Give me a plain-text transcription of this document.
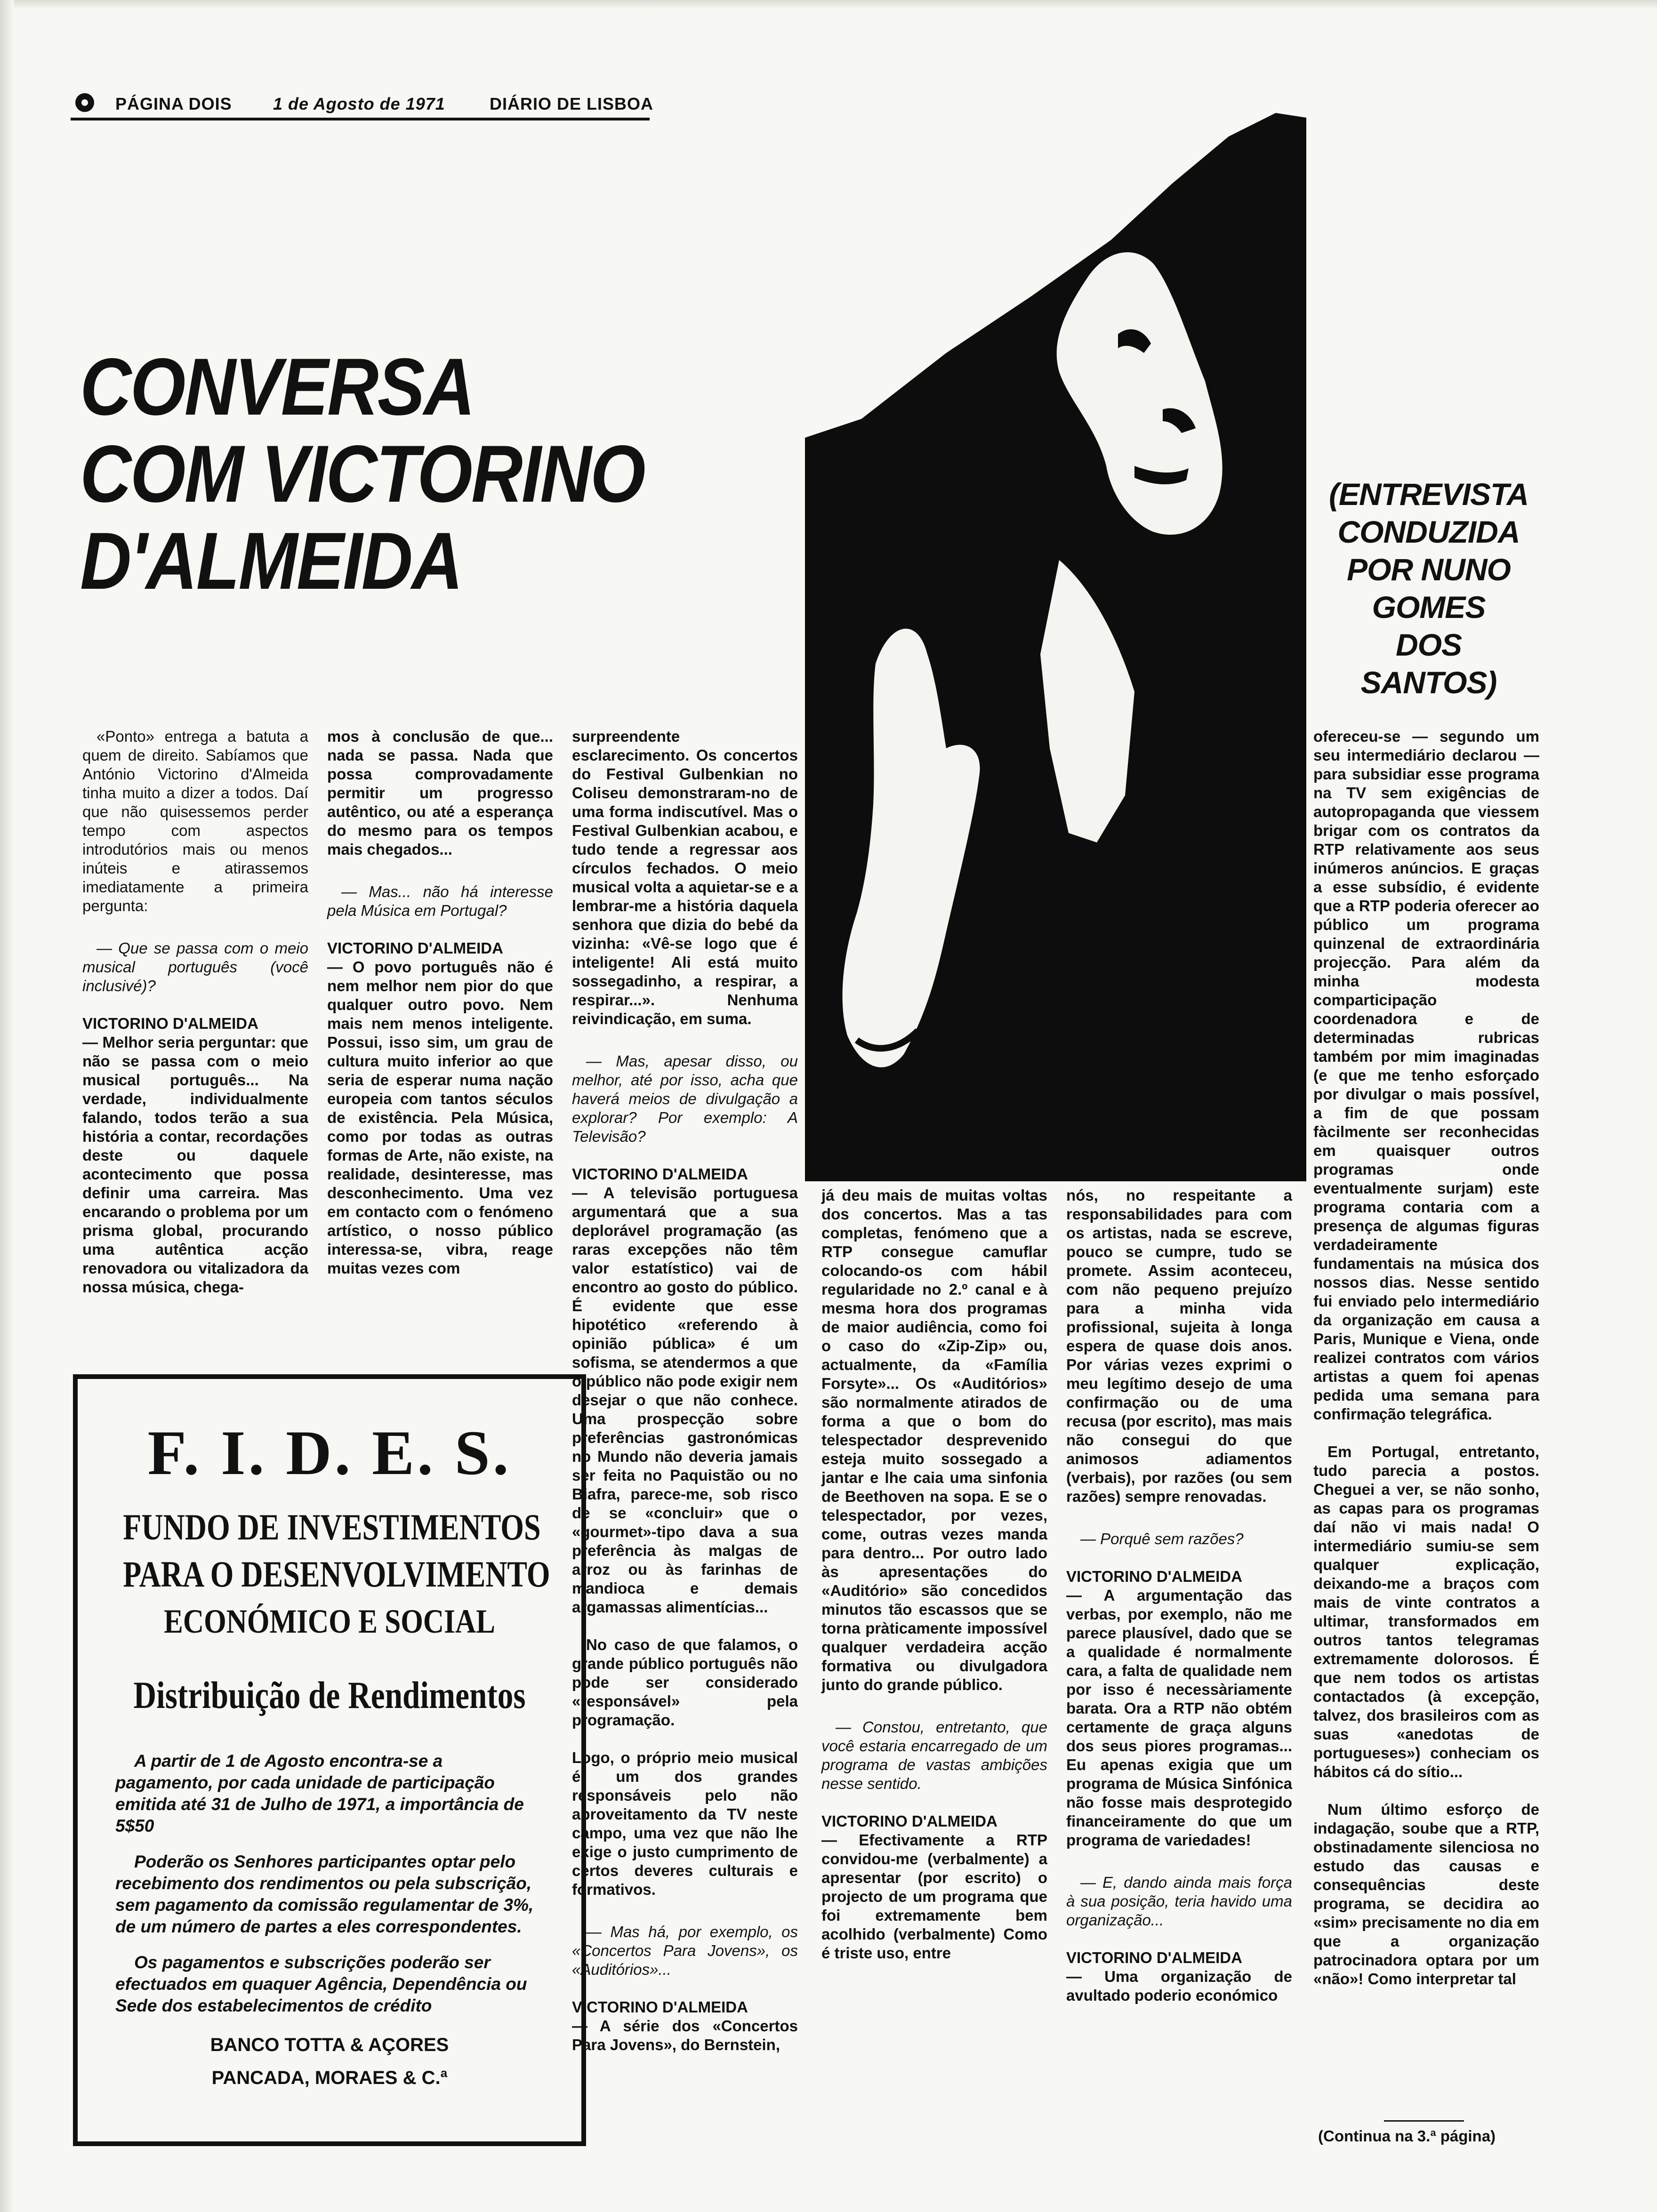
PÁGINA DOIS 1 de Agosto de 1971	DIÁRIO DE LISBOA
CONVERSA
COM VICTORINO
D'ALMEIDA
(ENTREVISTA
CONDUZIDA
POR NUNO
GOMES
DOS SANTOS)

«Ponto» entrega a batuta a quem de direito. Sabíamos que António Victorino d'Almeida tinha muito a dizer a todos. Daí que não quisessemos perder tempo com aspectos introdutórios mais ou menos inúteis e atirassemos imediatamente a primeira pergunta:

— Que se passa com o meio musical português (você inclusivé)?

VICTORINO D'ALMEIDA
— Melhor seria perguntar: que não se passa com o meio musical português... Na verdade, individualmente falando, todos terão a sua história a contar, recordações deste ou daquele acontecimento que possa definir uma carreira. Mas encarando o problema por um prisma global, procurando uma autêntica acção renovadora ou vitalizadora da nossa música, chega-

mos à conclusão de que... nada se passa. Nada que possa comprovadamente permitir um progresso autêntico, ou até a esperança do mesmo para os tempos mais chegados...

— Mas... não há interesse pela Música em Portugal?

VICTORINO D'ALMEIDA
— O povo português não é nem melhor nem pior do que qualquer outro povo. Nem mais nem menos inteligente. Possui, isso sim, um grau de cultura muito inferior ao que seria de esperar numa nação europeia com tantos séculos de existência. Pela Música, como por todas as outras formas de Arte, não existe, na realidade, desinteresse, mas desconhecimento. Uma vez em contacto com o fenómeno artístico, o nosso público interessa-se, vibra, reage muitas vezes com

surpreendente esclarecimento. Os concertos do Festival Gulbenkian no Coliseu demonstraram-no de uma forma indiscutível. Mas o Festival Gulbenkian acabou, e tudo tende a regressar aos círculos fechados. O meio musical volta a aquietar-se e a lembrar-me a história daquela senhora que dizia do bebé da vizinha: «Vê-se logo que é inteligente! Ali está muito sossegadinho, a respirar, a respirar...». Nenhuma reivindicação, em suma.

— Mas, apesar disso, ou melhor, até por isso, acha que haverá meios de divulgação a explorar? Por exemplo: A Televisão?

VICTORINO D'ALMEIDA
— A televisão portuguesa argumentará que a sua deplorável programação (as raras excepções não têm valor estatístico) vai de encontro ao gosto do público. É evidente que esse hipotético «referendo à opinião pública» é um sofisma, se atendermos a que o público não pode exigir nem desejar o que não conhece. Uma prospecção sobre preferências gastronómicas no Mundo não deveria jamais ser feita no Paquistão ou no Biafra, parece-me, sob risco de se «concluir» que o «gourmet»-tipo dava a sua preferência às malgas de arroz ou às farinhas de mandioca e demais argamassas alimentícias...

No caso de que falamos, o grande público português não pode ser considerado «responsável» pela programação.

Logo, o próprio meio musical é um dos grandes responsáveis pelo não aproveitamento da TV neste campo, uma vez que não lhe exige o justo cumprimento de certos deveres culturais e formativos.

— Mas há, por exemplo, os «Concertos Para Jovens», os «Auditórios»...

VICTORINO D'ALMEIDA
— A série dos «Concertos Para Jovens», do Bernstein,

já deu mais de muitas voltas dos concertos. Mas a tas completas, fenómeno que a RTP consegue camuflar colocando-os com hábil regularidade no 2.º canal e à mesma hora dos programas de maior audiência, como foi o caso do «Zip-Zip» ou, actualmente, da «Família Forsyte»... Os «Auditórios» são normalmente atirados de forma a que o bom do telespectador desprevenido esteja muito sossegado a jantar e lhe caia uma sinfonia de Beethoven na sopa. E se o telespectador, por vezes, come, outras vezes manda para dentro... Por outro lado às apresentações do «Auditório» são concedidos minutos tão escassos que se torna pràticamente impossível qualquer verdadeira acção formativa ou divulgadora junto do grande público.

— Constou, entretanto, que você estaria encarregado de um programa de vastas ambições nesse sentido.

VICTORINO D'ALMEIDA
— Efectivamente a RTP convidou-me (verbalmente) a apresentar (por escrito) o projecto de um programa que foi extremamente bem acolhido (verbalmente) Como é triste uso, entre

nós, no respeitante a responsabilidades para com os artistas, nada se escreve, pouco se cumpre, tudo se promete. Assim aconteceu, com não pequeno prejuízo para a minha vida profissional, sujeita à longa espera de quase dois anos. Por várias vezes exprimi o meu legítimo desejo de uma confirmação ou de uma recusa (por escrito), mas mais não consegui do que animosos adiamentos (verbais), por razões (ou sem razões) sempre renovadas.

— Porquê sem razões?

VICTORINO D'ALMEIDA
— A argumentação das verbas, por exemplo, não me parece plausível, dado que se a qualidade é normalmente cara, a falta de qualidade nem por isso é necessàriamente barata. Ora a RTP não obtém certamente de graça alguns dos seus piores programas... Eu apenas exigia que um programa de Música Sinfónica não fosse mais desprotegido financeiramente do que um programa de variedades!

— E, dando ainda mais força à sua posição, teria havido uma organização...

VICTORINO D'ALMEIDA
— Uma organização de avultado poderio económico

ofereceu-se — segundo um seu intermediário declarou — para subsidiar esse programa na TV sem exigências de autopropaganda que viessem brigar com os contratos da RTP relativamente aos seus inúmeros anúncios. E graças a esse subsídio, é evidente que a RTP poderia oferecer ao público um programa quinzenal de extraordinária projecção. Para além da minha modesta comparticipação coordenadora e de determinadas rubricas também por mim imaginadas (e que me tenho esforçado por divulgar o mais possível, a fim de que possam fàcilmente ser reconhecidas em quaisquer outros programas onde eventualmente surjam) este programa contaria com a presença de algumas figuras verdadeiramente fundamentais na música dos nossos dias. Nesse sentido fui enviado pelo intermediário da organização em causa a Paris, Munique e Viena, onde realizei contratos com vários artistas a quem foi apenas pedida uma semana para confirmação telegráfica.

Em Portugal, entretanto, tudo parecia a postos. Cheguei a ver, se não sonho, as capas para os programas daí não vi mais nada! O intermediário sumiu-se sem qualquer explicação, deixando-me a braços com mais de vinte contratos a ultimar, transformados em outros tantos telegramas extremamente dolorosos. É que nem todos os artistas contactados (à excepção, talvez, dos brasileiros com as suas «anedotas de portugueses») conheciam os hábitos cá do sítio...

Num último esforço de indagação, soube que a RTP, obstinadamente silenciosa no estudo das causas e consequências deste programa, se decidira ao «sim» precisamente no dia em que a organização patrocinadora optara por um «não»! Como interpretar tal

(Continua na 3.ª página)
F. I. D. E. S.
FUNDO DE INVESTIMENTOS
PARA O DESENVOLVIMENTO
ECONÓMICO E SOCIAL
Distribuição de Rendimentos

A partir de 1 de Agosto encontra-se a pagamento, por cada unidade de participação emitida até 31 de Julho de 1971, a importância de 5$50

Poderão os Senhores participantes optar pelo recebimento dos rendimentos ou pela subscrição, sem pagamento da comissão regulamentar de 3%, de um número de partes a eles correspondentes.

Os pagamentos e subscrições poderão ser efectuados em quaquer Agência, Dependência ou Sede dos estabelecimentos de crédito

BANCO TOTTA & AÇORES
PANCADA, MORAES & C.ª
